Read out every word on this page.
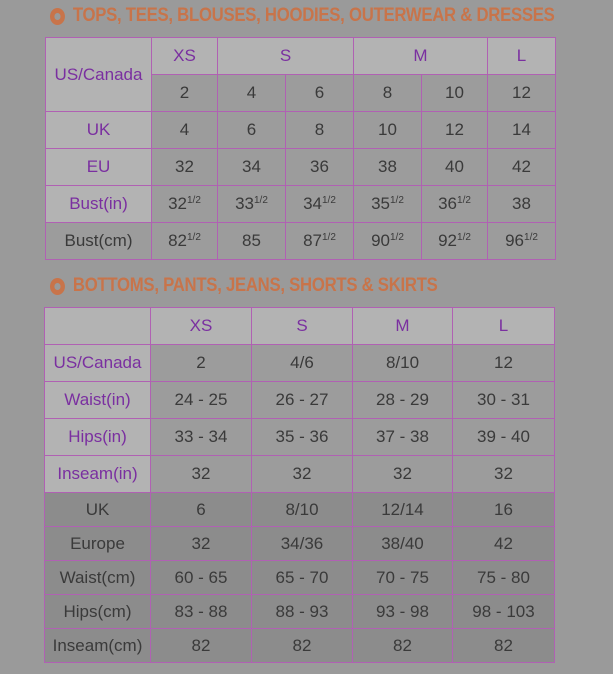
TOPS, TEES, BLOUSES, HOODIES, OUTERWEAR & DRESSES
US/Canada	XS	S		M		L
	2	4	6	8	10	12
UK	4	6	8	10	12	14
EU	32	34	36	38	40	42
Bust(in)	$32^{1/2}$	$33^{1/2}$	$34^{1/2}$	$35^{1/2}$	$36^{1/2}$	38
Bust(cm)	$82^{1/2}$	85	$87^{1/2}$	$90^{1/2}$	$92^{1/2}$	$96^{1/2}$
BOTTOMS, PANTS, JEANS, SHORTS & SKIRTS
	XS	S	M	L
US/Canada	2	4/6	8/10	12
Waist(in)	24 - 25	26 - 27	28 - 29	30 - 31
Hips(in)	33 - 34	35 - 36	37 - 38	39 - 40
Inseam(in)	32	32	32	32
UK	6	8/10	12/14	16
Europe	32	34/36	38/40	42
Waist(cm)	60 - 65	65 - 70	70 - 75	75 - 80
Hips(cm)	83 - 88	88 - 93	93 - 98	98 - 103
Inseam(cm)	82	82	82	82
